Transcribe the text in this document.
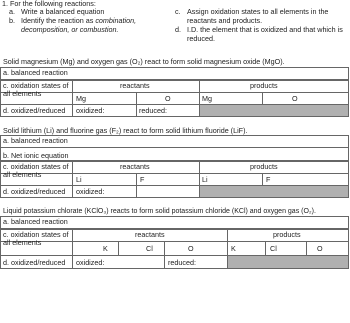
1. For the following reactions:
a. Write a balanced equation
b. Identify the reaction as combination,
decomposition, or combustion.
c. Assign oxidation states to all elements in the
reactants and products.
d. I.D. the element that is oxidized and that which is
reduced.
Solid magnesium (Mg) and oxygen gas (O₂) react to form solid magnesium oxide (MgO).
a. balanced reaction
c. oxidation states of
all elements
reactants	products
Mg	O	Mg	O
d. oxidized/reduced oxidized:	reduced:
Solid lithium (Li) and fluorine gas (F₂) react to form solid lithium fluoride (LiF).
a. balanced reaction
b. Net ionic equation
c. oxidation states of
all elements
reactants	products
Li	F	Li	F
d. oxidized/reduced oxidized:
Liquid potassium chlorate (KClO₃) reacts to form solid potassium chloride (KCl) and oxygen gas (O₂).
a. balanced reaction
c. oxidation states of
all elements
reactants	products
K	Cl	O	K	Cl	O
d. oxidized/reduced oxidized:	reduced:
